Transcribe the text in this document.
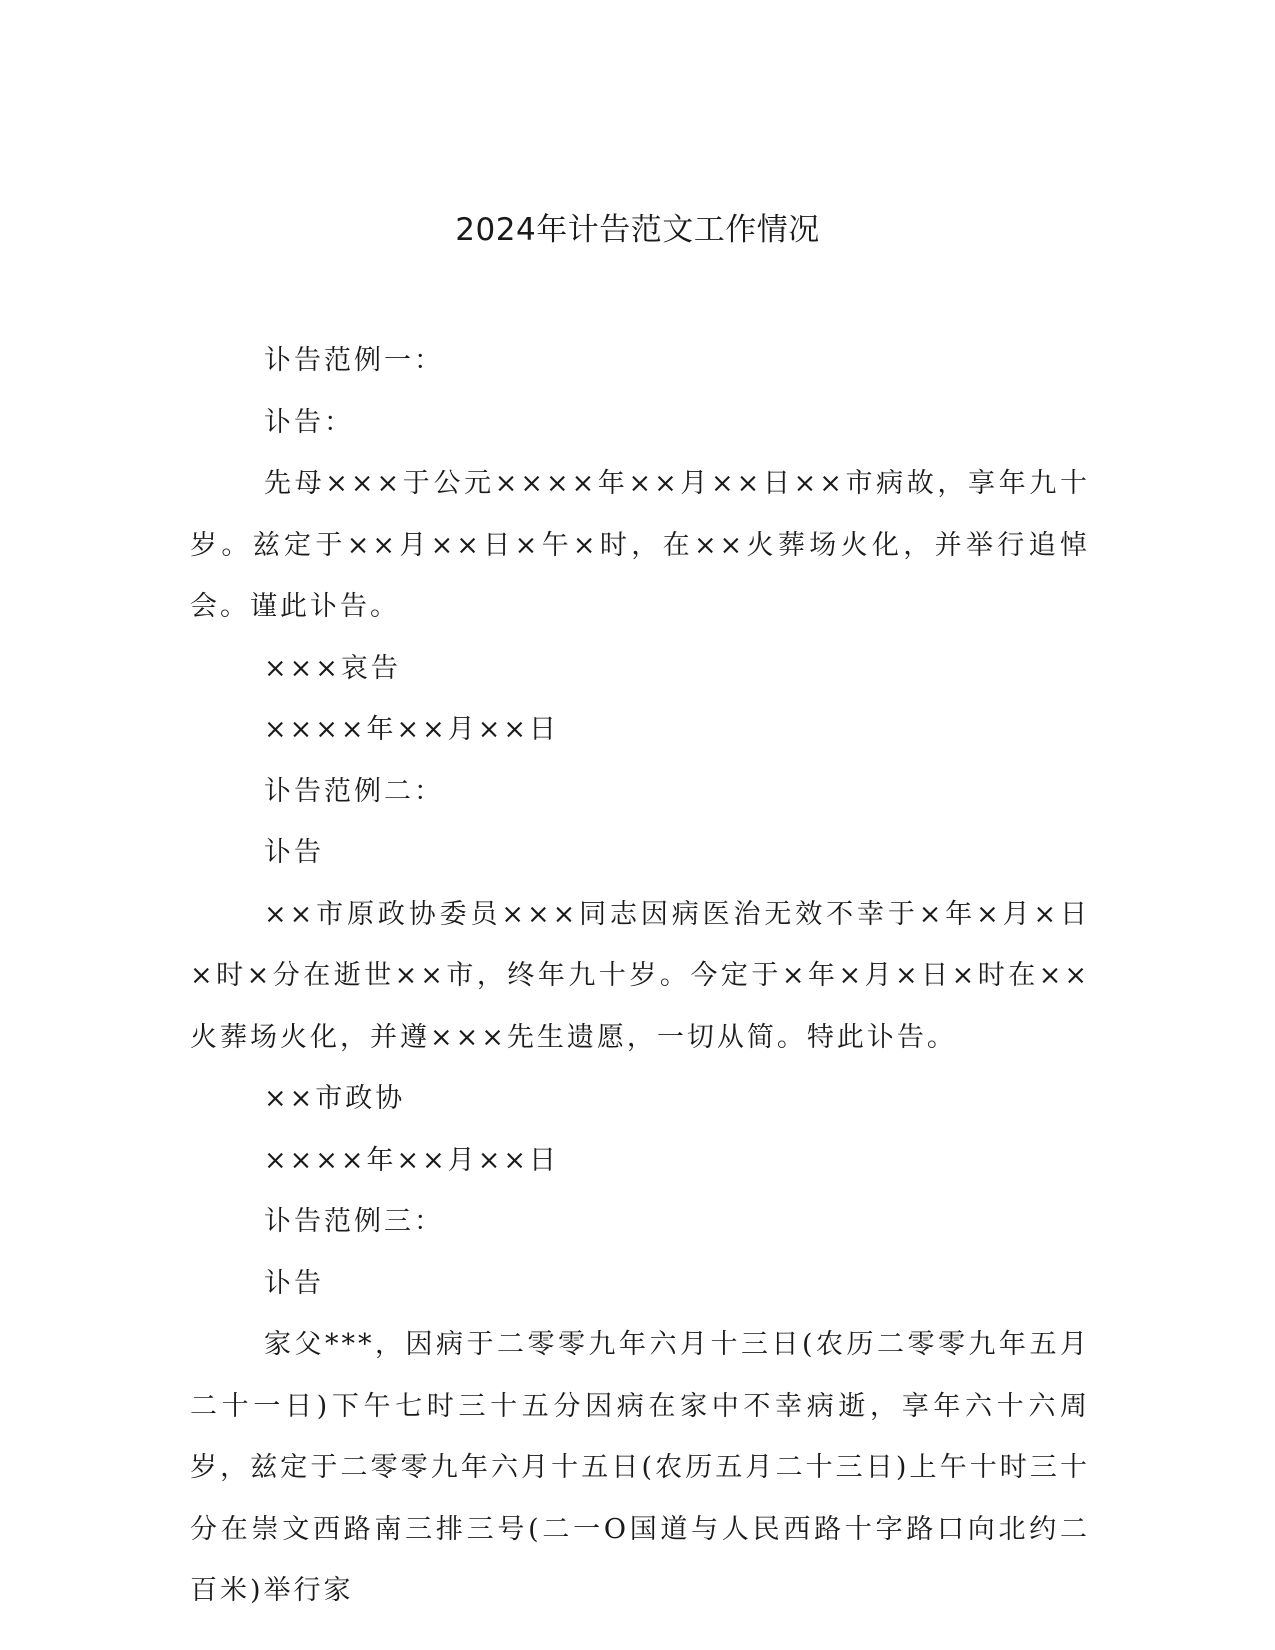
2024年计告范文工作情况

讣告范例一：

讣告：

先母×××于公元××××年××月××日××市病故，享年九十岁。兹定于××月××日×午×时，在××火葬场火化，并举行追悼会。谨此讣告。

×××哀告

××××年××月××日

讣告范例二：

讣告

××市原政协委员×××同志因病医治无效不幸于×年×月×日×时×分在逝世××市，终年九十岁。今定于×年×月×日×时在××火葬场火化，并遵×××先生遗愿，一切从简。特此讣告。

××市政协

××××年××月××日

讣告范例三：

讣告

家父***，因病于二零零九年六月十三日(农历二零零九年五月二十一日)下午七时三十五分因病在家中不幸病逝，享年六十六周岁，兹定于二零零九年六月十五日(农历五月二十三日)上午十时三十分在崇文西路南三排三号(二一O国道与人民西路十字路口向北约二百米)举行家
